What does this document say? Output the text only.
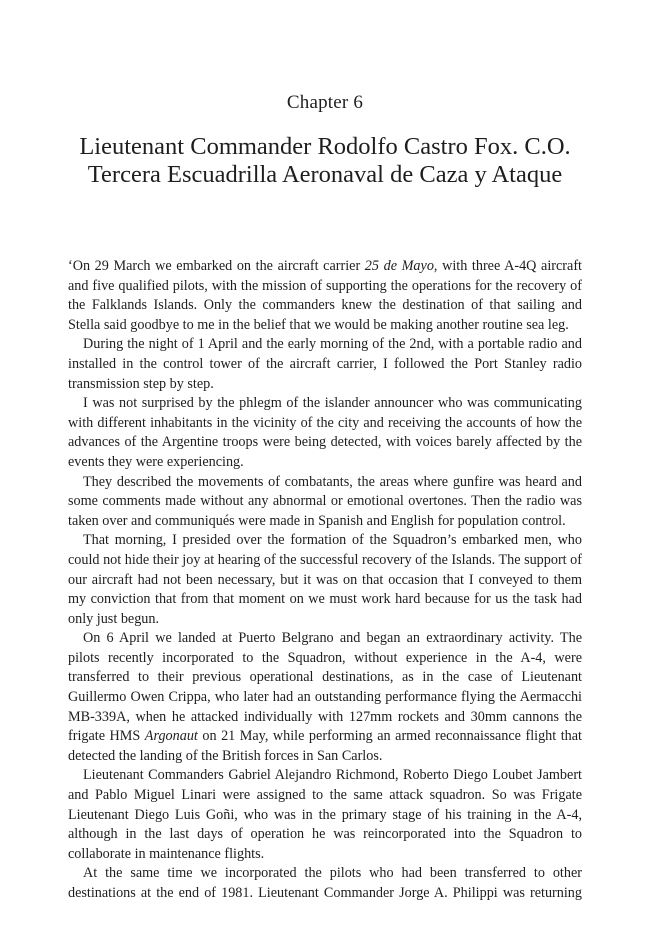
Chapter 6
Lieutenant Commander Rodolfo Castro Fox. C.O.
Tercera Escuadrilla Aeronaval de Caza y Ataque

‘On 29 March we embarked on the aircraft carrier 25 de Mayo, with three A-4Q aircraft and five qualified pilots, with the mission of supporting the operations for the recovery of the Falklands Islands. Only the commanders knew the destination of that sailing and Stella said goodbye to me in the belief that we would be making another routine sea leg.

During the night of 1 April and the early morning of the 2nd, with a portable radio and installed in the control tower of the aircraft carrier, I followed the Port Stanley radio transmission step by step.

I was not surprised by the phlegm of the islander announcer who was communicating with different inhabitants in the vicinity of the city and receiving the accounts of how the advances of the Argentine troops were being detected, with voices barely affected by the events they were experiencing.

They described the movements of combatants, the areas where gunfire was heard and some comments made without any abnormal or emotional overtones. Then the radio was taken over and communiqués were made in Spanish and English for population control.

That morning, I presided over the formation of the Squadron’s embarked men, who could not hide their joy at hearing of the successful recovery of the Islands. The support of our aircraft had not been necessary, but it was on that occasion that I conveyed to them my conviction that from that moment on we must work hard because for us the task had only just begun.

On 6 April we landed at Puerto Belgrano and began an extraordinary activity. The pilots recently incorporated to the Squadron, without experience in the A-4, were transferred to their previous operational destinations, as in the case of Lieutenant Guillermo Owen Crippa, who later had an outstanding performance flying the Aermacchi MB-339A, when he attacked individually with 127mm rockets and 30mm cannons the frigate HMS Argonaut on 21 May, while performing an armed reconnaissance flight that detected the landing of the British forces in San Carlos.

Lieutenant Commanders Gabriel Alejandro Richmond, Roberto Diego Loubet Jambert and Pablo Miguel Linari were assigned to the same attack squadron. So was Frigate Lieutenant Diego Luis Goñi, who was in the primary stage of his training in the A-4, although in the last days of operation he was reincorporated into the Squadron to collaborate in maintenance flights.

At the same time we incorporated the pilots who had been transferred to other destinations at the end of 1981. Lieutenant Commander Jorge A. Philippi was returning
